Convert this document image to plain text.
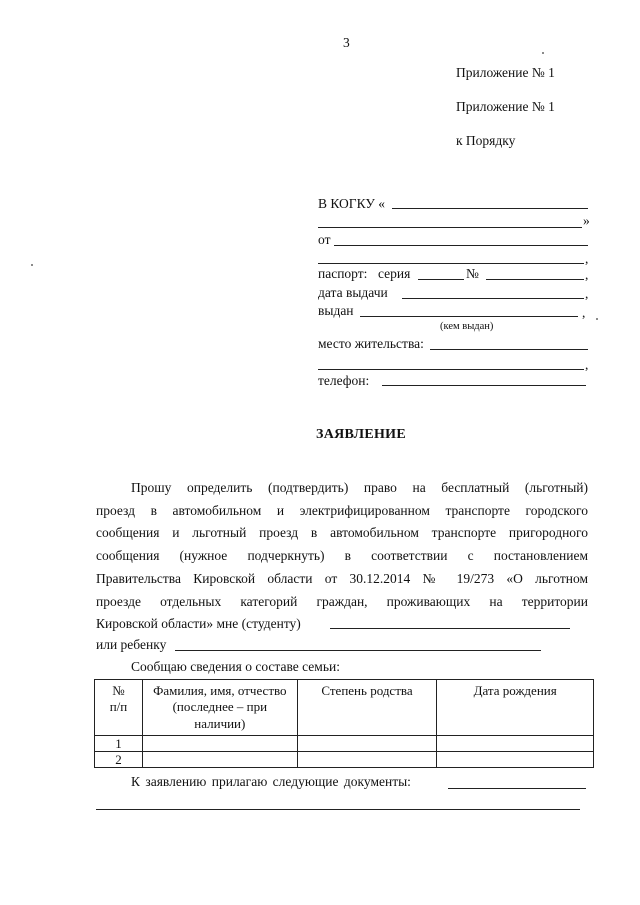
3
Приложение № 1
Приложение № 1
к Порядку
В КОГКУ «
»
от
,
паспорт: серия	№	,
дата выдачи	,
выдан	,
(кем выдан)
место жительства:
,
телефон:
ЗАЯВЛЕНИЕ
Прошу определить (подтвердить) право на бесплатный (льготный)
проезд в автомобильном и электрифицированном транспорте городского
сообщения и льготный проезд в автомобильном транспорте пригородного
сообщения (нужное подчеркнуть) в соответствии с постановлением
Правительства Кировской области от 30.12.2014 № 19/273 «О льготном
проезде отдельных категорий граждан, проживающих на территории
Кировской области» мне (студенту)
или ребенку
Сообщаю сведения о составе семьи:
№ п/п	Фамилия, имя, отчество (последнее – при наличии)	Степень родства	Дата рождения
1			
2			
К заявлению прилагаю следующие документы:
